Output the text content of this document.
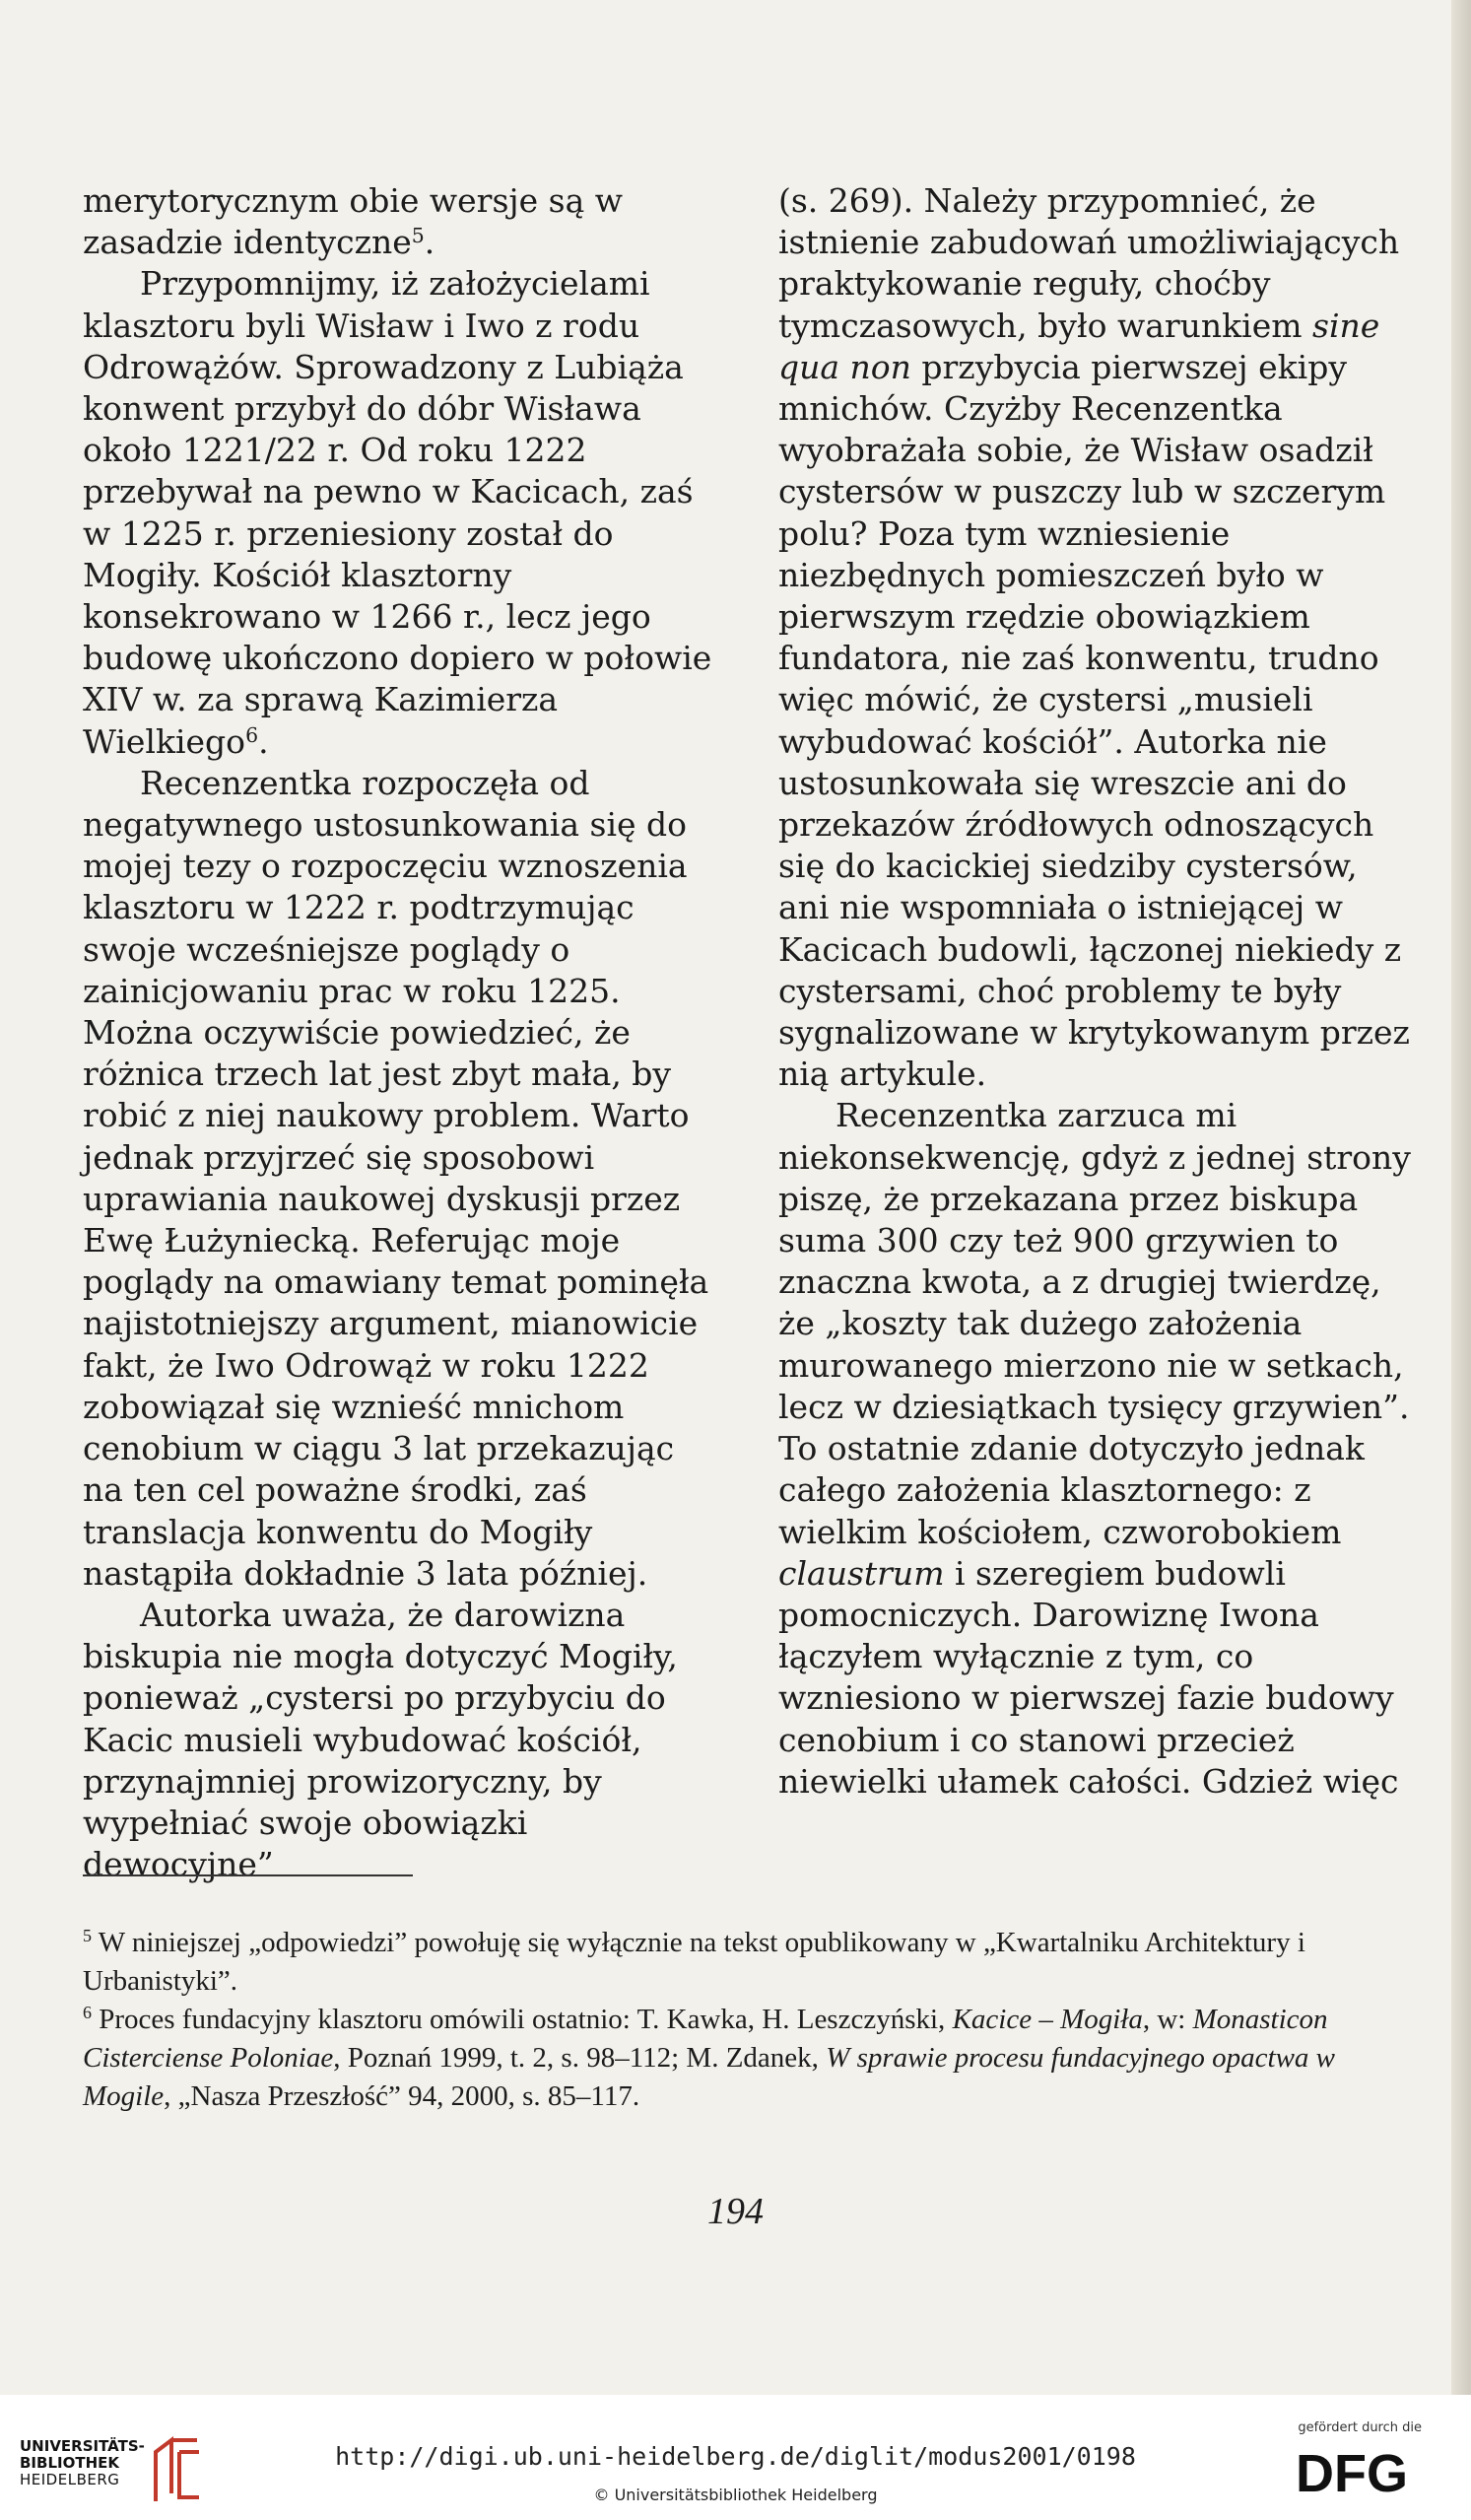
merytorycznym obie wersje są w zasadzie identyczne$^5$.

Przypomnijmy, iż założycielami klasztoru byli Wisław i Iwo z rodu Odrowążów. Sprowadzony z Lubiąża konwent przybył do dóbr Wisława około 1221/22 r. Od roku 1222 przebywał na pewno w Kacicach, zaś w 1225 r. przeniesiony został do Mogiły. Kościół klasztorny konsekrowano w 1266 r., lecz jego budowę ukończono dopiero w połowie XIV w. za sprawą Kazimierza Wielkiego$^6$.

Recenzentka rozpoczęła od negatywnego ustosunkowania się do mojej tezy o rozpoczęciu wznoszenia klasztoru w 1222 r. podtrzymując swoje wcześniejsze poglądy o zainicjowaniu prac w roku 1225. Można oczywiście powiedzieć, że różnica trzech lat jest zbyt mała, by robić z niej naukowy problem. Warto jednak przyjrzeć się sposobowi uprawiania naukowej dyskusji przez Ewę Łużyniecką. Referując moje poglądy na omawiany temat pominęła najistotniejszy argument, mianowicie fakt, że Iwo Odrowąż w roku 1222 zobowiązał się wznieść mnichom cenobium w ciągu 3 lat przekazując na ten cel poważne środki, zaś translacja konwentu do Mogiły nastąpiła dokładnie 3 lata później.

Autorka uważa, że darowizna biskupia nie mogła dotyczyć Mogiły, ponieważ „cystersi po przybyciu do Kacic musieli wybudować kościół, przynajmniej prowizoryczny, by wypełniać swoje obowiązki dewocyjne”

(s. 269). Należy przypomnieć, że istnienie zabudowań umożliwiających praktykowanie reguły, choćby tymczasowych, było warunkiem sine qua non przybycia pierwszej ekipy mnichów. Czyżby Recenzentka wyobrażała sobie, że Wisław osadził cystersów w puszczy lub w szczerym polu? Poza tym wzniesienie niezbędnych pomieszczeń było w pierwszym rzędzie obowiązkiem fundatora, nie zaś konwentu, trudno więc mówić, że cystersi „musieli wybudować kościół”. Autorka nie ustosunkowała się wreszcie ani do przekazów źródłowych odnoszących się do kacickiej siedziby cystersów, ani nie wspomniała o istniejącej w Kacicach budowli, łączonej niekiedy z cystersami, choć problemy te były sygnalizowane w krytykowanym przez nią artykule.

Recenzentka zarzuca mi niekonsekwencję, gdyż z jednej strony piszę, że przekazana przez biskupa suma 300 czy też 900 grzywien to znaczna kwota, a z drugiej twierdzę, że „koszty tak dużego założenia murowanego mierzono nie w setkach, lecz w dziesiątkach tysięcy grzywien”. To ostatnie zdanie dotyczyło jednak całego założenia klasztornego: z wielkim kościołem, czworobokiem claustrum i szeregiem budowli pomocniczych. Darowiznę Iwona łączyłem wyłącznie z tym, co wzniesiono w pierwszej fazie budowy cenobium i co stanowi przecież niewielki ułamek całości. Gdzież więc

$^5$ W niniejszej „odpowiedzi” powołuję się wyłącznie na tekst opublikowany w „Kwartalniku Architektury i Urbanistyki”.

$^6$ Proces fundacyjny klasztoru omówili ostatnio: T. Kawka, H. Leszczyński, Kacice – Mogiła, w: Monasticon Cisterciense Poloniae, Poznań 1999, t. 2, s. 98–112; M. Zdanek, W sprawie procesu fundacyjnego opactwa w Mogile, „Nasza Przeszłość” 94, 2000, s. 85–117.

194
UNIVERSITÄTS-
BIBLIOTHEK
HEIDELBERG
http://digi.ub.uni-heidelberg.de/diglit/modus2001/0198
© Universitätsbibliothek Heidelberg
gefördert durch die
DFG
